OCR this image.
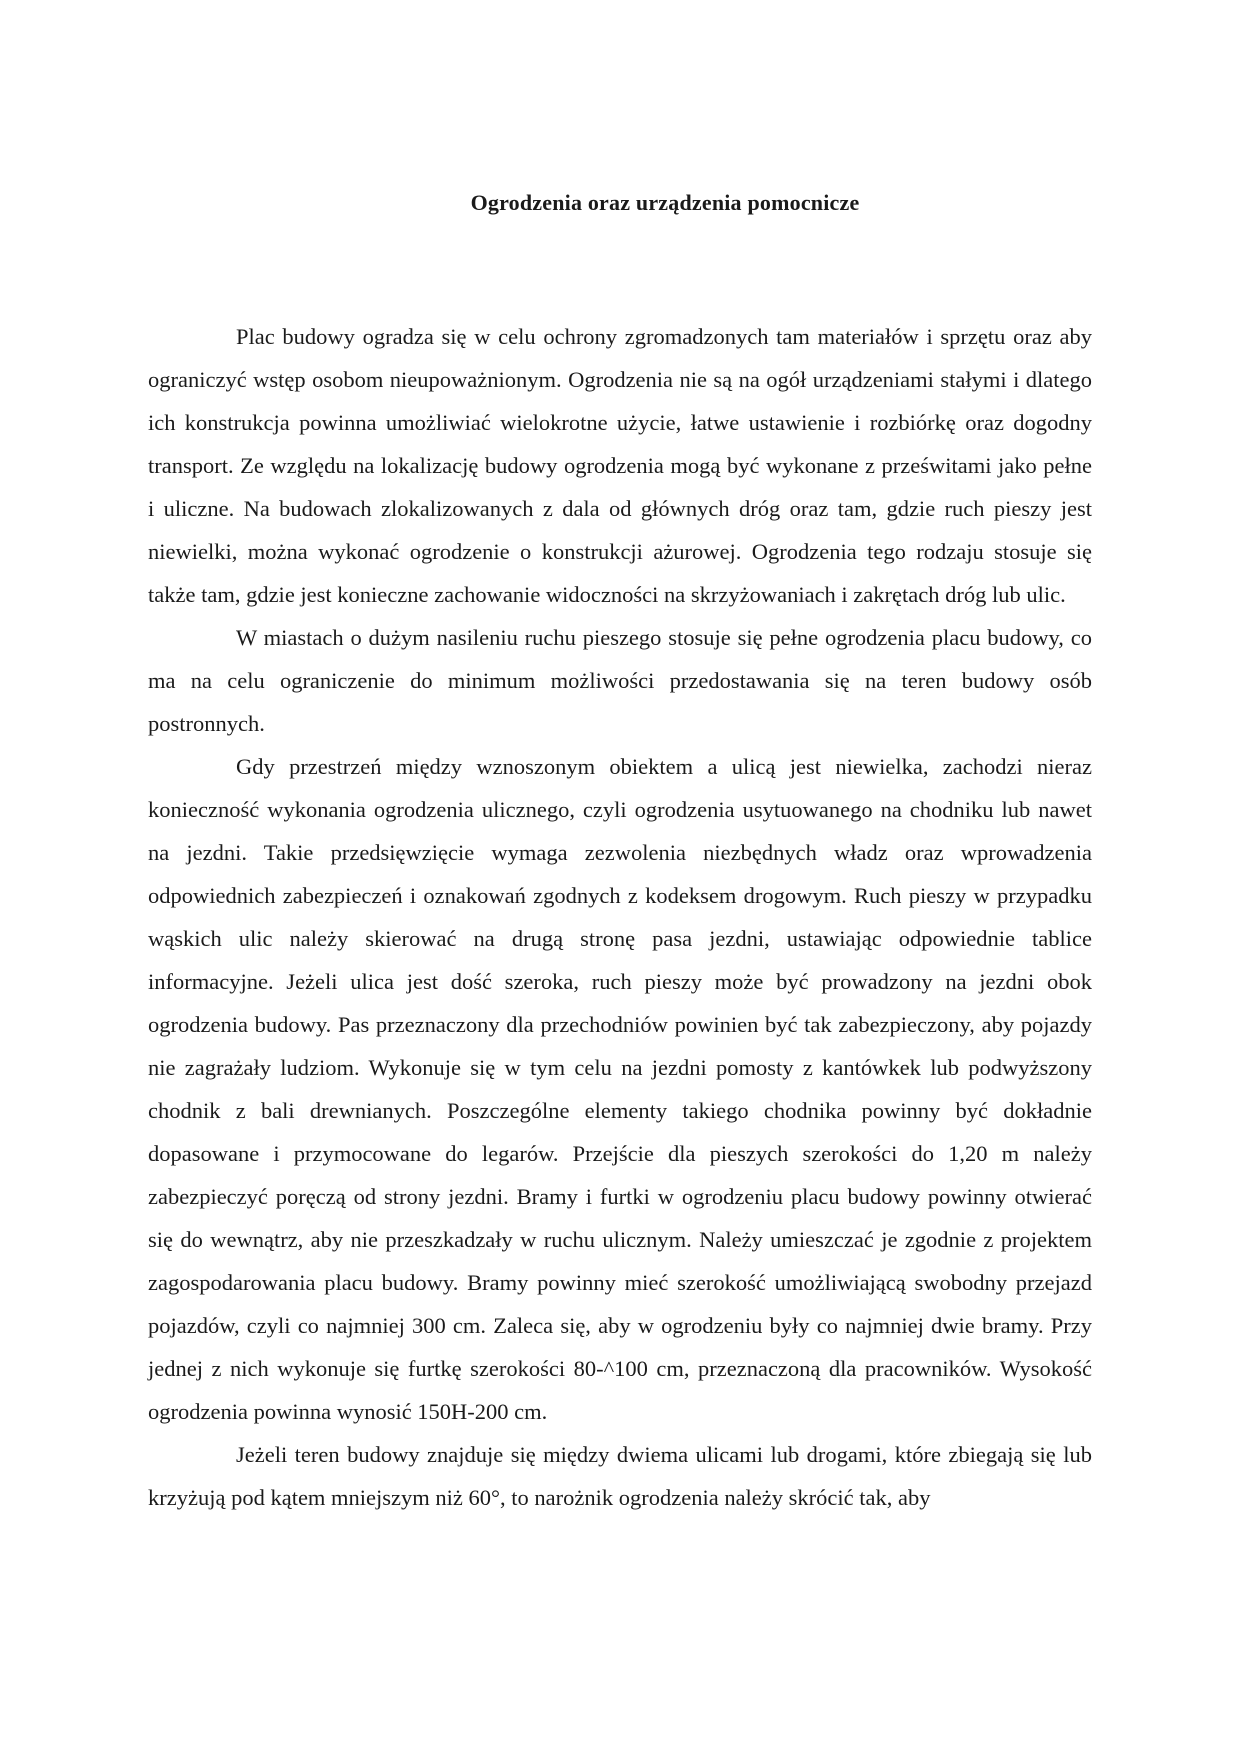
Ogrodzenia oraz urządzenia pomocnicze

Plac budowy ogradza się w celu ochrony zgromadzonych tam materiałów i sprzętu oraz aby ograniczyć wstęp osobom nieupoważnionym. Ogrodzenia nie są na ogół urządzeniami stałymi i dlatego ich konstrukcja powinna umożliwiać wielokrotne użycie, łatwe ustawienie i rozbiórkę oraz dogodny transport. Ze względu na lokalizację budowy ogrodzenia mogą być wykonane z prześwitami jako pełne i uliczne. Na budowach zlokalizowanych z dala od głównych dróg oraz tam, gdzie ruch pieszy jest niewielki, można wykonać ogrodzenie o konstrukcji ażurowej. Ogrodzenia tego rodzaju stosuje się także tam, gdzie jest konieczne zachowanie widoczności na skrzyżowaniach i zakrętach dróg lub ulic.

W miastach o dużym nasileniu ruchu pieszego stosuje się pełne ogrodzenia placu budowy, co ma na celu ograniczenie do minimum możliwości przedostawania się na teren budowy osób postronnych.

Gdy przestrzeń między wznoszonym obiektem a ulicą jest niewielka, zachodzi nieraz konieczność wykonania ogrodzenia ulicznego, czyli ogrodzenia usytuowanego na chodniku lub nawet na jezdni. Takie przedsięwzięcie wymaga zezwolenia niezbędnych władz oraz wprowadzenia odpowiednich zabezpieczeń i oznakowań zgodnych z kodeksem drogowym. Ruch pieszy w przypadku wąskich ulic należy skierować na drugą stronę pasa jezdni, ustawiając odpowiednie tablice informacyjne. Jeżeli ulica jest dość szeroka, ruch pieszy może być prowadzony na jezdni obok ogrodzenia budowy. Pas przeznaczony dla przechodniów powinien być tak zabezpieczony, aby pojazdy nie zagrażały ludziom. Wykonuje się w tym celu na jezdni pomosty z kantówkek lub podwyższony chodnik z bali drewnianych. Poszczególne elementy takiego chodnika powinny być dokładnie dopasowane i przymocowane do legarów. Przejście dla pieszych szerokości do 1,20 m należy zabezpieczyć poręczą od strony jezdni. Bramy i furtki w ogrodzeniu placu budowy powinny otwierać się do wewnątrz, aby nie przeszkadzały w ruchu ulicznym. Należy umieszczać je zgodnie z projektem zagospodarowania placu budowy. Bramy powinny mieć szerokość umożliwiającą swobodny przejazd pojazdów, czyli co najmniej 300 cm. Zaleca się, aby w ogrodzeniu były co najmniej dwie bramy. Przy jednej z nich wykonuje się furtkę szerokości 80-^100 cm, przeznaczoną dla pracowników. Wysokość ogrodzenia powinna wynosić 150H-200 cm.

Jeżeli teren budowy znajduje się między dwiema ulicami lub drogami, które zbiegają się lub krzyżują pod kątem mniejszym niż 60°, to narożnik ogrodzenia należy skrócić tak, aby
